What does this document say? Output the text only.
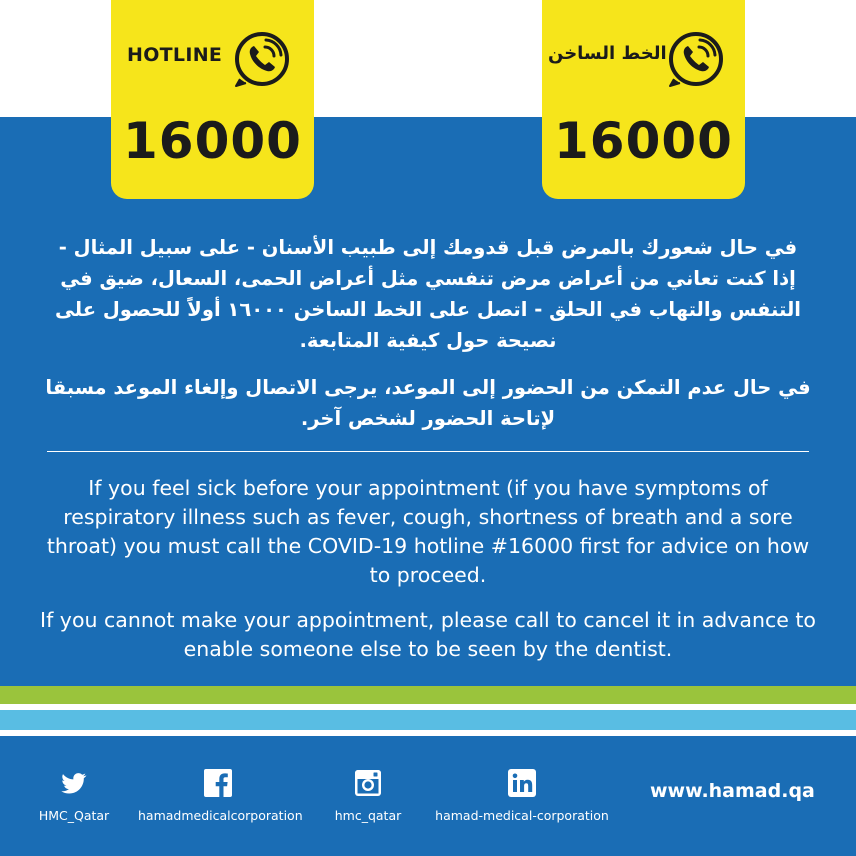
HOTLINE
16000
الخط الساخن
16000
في حال شعورك بالمرض قبل قدومك إلى طبيب الأسنان - على سبيل المثال - إذا كنت تعاني من أعراض مرض تنفسي مثل أعراض الحمى، السعال، ضيق في التنفس والتهاب في الحلق - اتصل على الخط الساخن ١٦٠٠٠ أولاً للحصول على نصيحة حول كيفية المتابعة.
في حال عدم التمكن من الحضور إلى الموعد، يرجى الاتصال وإلغاء الموعد مسبقا لإتاحة الحضور لشخص آخر.
If you feel sick before your appointment (if you have symptoms of respiratory illness such as fever, cough, shortness of breath and a sore throat) you must call the COVID-19 hotline #16000 first for advice on how to proceed.
If you cannot make your appointment, please call to cancel it in advance to enable someone else to be seen by the dentist.
HMC_Qatar	hamadmedicalcorporation	hmc_qatar	hamad-medical-corporation
www.hamad.qa
